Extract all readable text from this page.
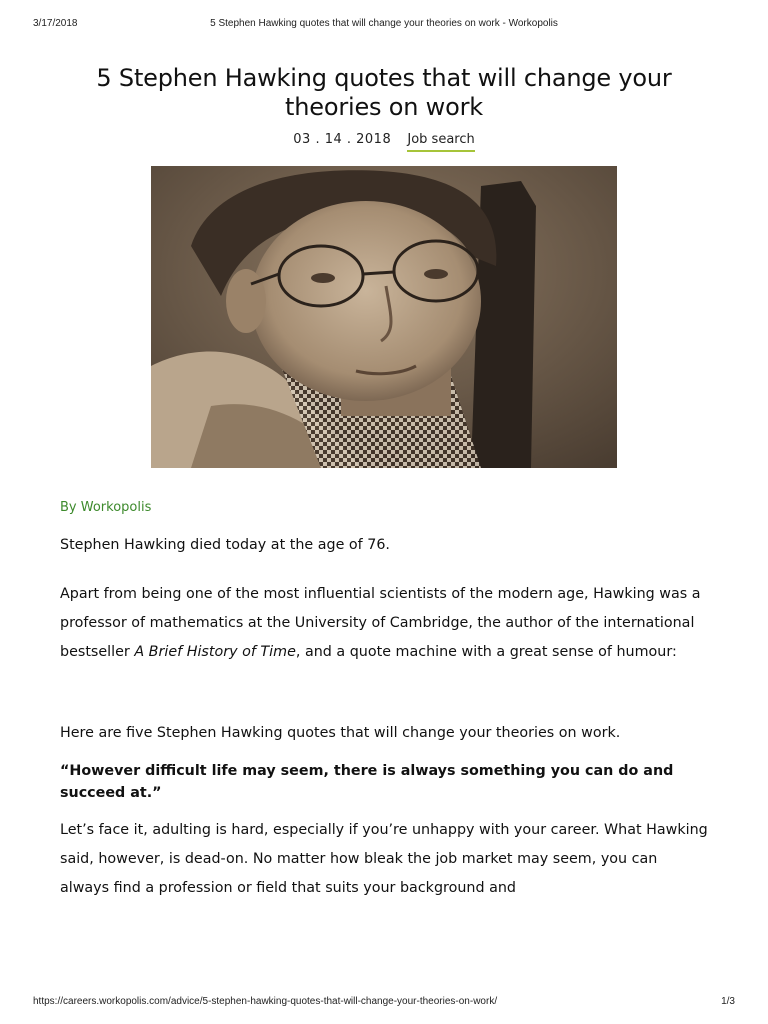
3/17/2018	5 Stephen Hawking quotes that will change your theories on work - Workopolis
5 Stephen Hawking quotes that will change your theories on work
03 . 14 . 2018 Job search
By Workopolis

Stephen Hawking died today at the age of 76.

Apart from being one of the most influential scientists of the modern age, Hawking was a professor of mathematics at the University of Cambridge, the author of the international bestseller A Brief History of Time, and a quote machine with a great sense of humour:

Here are five Stephen Hawking quotes that will change your theories on work.

“However difficult life may seem, there is always something you can do and succeed at.”

Let’s face it, adulting is hard, especially if you’re unhappy with your career. What Hawking said, however, is dead-on. No matter how bleak the job market may seem, you can always find a profession or field that suits your background and

https://careers.workopolis.com/advice/5-stephen-hawking-quotes-that-will-change-your-theories-on-work/	1/3
